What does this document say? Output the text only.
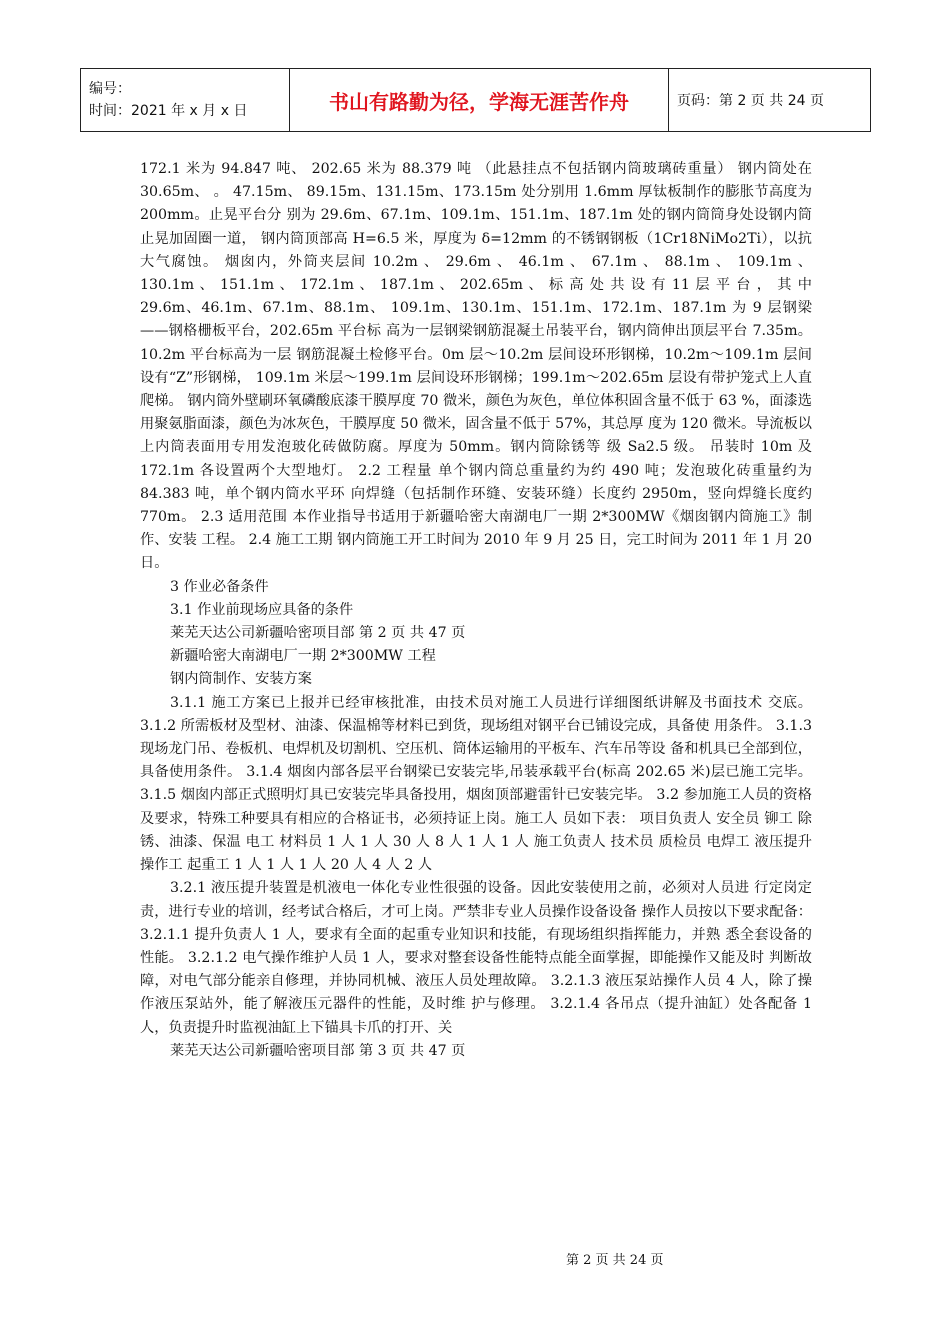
编号：
时间：2021 年 x 月 x 日	书山有路勤为径，学海无涯苦作舟	页码：第 2 页 共 24 页

172.1 米为 94.847 吨、 202.65 米为 88.379 吨 （此悬挂点不包括钢内筒玻璃砖重量） 钢内筒处在 30.65m、 。 47.15m、 89.15m、131.15m、173.15m 处分别用 1.6mm 厚钛板制作的膨胀节高度为 200mm。止晃平台分 别为 29.6m、67.1m、109.1m、151.1m、187.1m 处的钢内筒筒身处设钢内筒止晃加固圈一道， 钢内筒顶部高 H=6.5 米，厚度为 δ=12mm 的不锈钢钢板（1Cr18NiMo2Ti），以抗大气腐蚀。 烟囱内，外筒夹层间 10.2m 、 29.6m 、 46.1m 、 67.1m 、 88.1m 、 109.1m 、 130.1m 、 151.1m 、 172.1m 、 187.1m 、 202.65m 、 标 高 处 共 设 有 11 层 平 台 ， 其 中 29.6m、46.1m、67.1m、88.1m、 109.1m、130.1m、151.1m、172.1m、187.1m 为 9 层钢梁——钢格栅板平台，202.65m 平台标 高为一层钢梁钢筋混凝土吊装平台，钢内筒伸出顶层平台 7.35m。10.2m 平台标高为一层 钢筋混凝土检修平台。0m 层～10.2m 层间设环形钢梯，10.2m～109.1m 层间设有“Z”形钢梯， 109.1m 米层～199.1m 层间设环形钢梯；199.1m～202.65m 层设有带护笼式上人直爬梯。 钢内筒外壁刷环氧磷酸底漆干膜厚度 70 微米，颜色为灰色，单位体积固含量不低于 63 %，面漆选用聚氨脂面漆，颜色为冰灰色，干膜厚度 50 微米，固含量不低于 57%，其总厚 度为 120 微米。导流板以上内筒表面用专用发泡玻化砖做防腐。厚度为 50mm。钢内筒除锈等 级 Sa2.5 级。 吊装时 10m 及 172.1m 各设置两个大型地灯。 2.2 工程量 单个钢内筒总重量约为约 490 吨；发泡玻化砖重量约为 84.383 吨，单个钢内筒水平环 向焊缝（包括制作环缝、安装环缝）长度约 2950m，竖向焊缝长度约 770m。 2.3 适用范围 本作业指导书适用于新疆哈密大南湖电厂一期 2*300MW《烟囱钢内筒施工》制作、安装 工程。 2.4 施工工期 钢内筒施工开工时间为 2010 年 9 月 25 日，完工时间为 2011 年 1 月 20 日。

3 作业必备条件

3.1 作业前现场应具备的条件

莱芜天达公司新疆哈密项目部 第 2 页 共 47 页

新疆哈密大南湖电厂一期 2*300MW 工程

钢内筒制作、安装方案

3.1.1 施工方案已上报并已经审核批准，由技术员对施工人员进行详细图纸讲解及书面技术 交底。 3.1.2 所需板材及型材、油漆、保温棉等材料已到货，现场组对钢平台已铺设完成，具备使 用条件。 3.1.3 现场龙门吊、卷板机、电焊机及切割机、空压机、筒体运输用的平板车、汽车吊等设 备和机具已全部到位，具备使用条件。 3.1.4 烟囱内部各层平台钢梁已安装完毕,吊装承载平台(标高 202.65 米)层已施工完毕。 3.1.5 烟囱内部正式照明灯具已安装完毕具备投用，烟囱顶部避雷针已安装完毕。 3.2 参加施工人员的资格及要求，特殊工种要具有相应的合格证书，必须持证上岗。施工人 员如下表： 项目负责人 安全员 铆工 除锈、油漆、保温 电工 材料员 1 人 1 人 30 人 8 人 1 人 1 人 施工负责人 技术员 质检员 电焊工 液压提升操作工 起重工 1 人 1 人 1 人 20 人 4 人 2 人

3.2.1 液压提升装置是机液电一体化专业性很强的设备。因此安装使用之前，必须对人员进 行定岗定责，进行专业的培训，经考试合格后，才可上岗。严禁非专业人员操作设备设备 操作人员按以下要求配备： 3.2.1.1 提升负责人 1 人，要求有全面的起重专业知识和技能，有现场组织指挥能力，并熟 悉全套设备的性能。 3.2.1.2 电气操作维护人员 1 人，要求对整套设备性能特点能全面掌握，即能操作又能及时 判断故障，对电气部分能亲自修理，并协同机械、液压人员处理故障。 3.2.1.3 液压泵站操作人员 4 人，除了操作液压泵站外，能了解液压元器件的性能，及时维 护与修理。 3.2.1.4 各吊点（提升油缸）处各配备 1 人，负责提升时监视油缸上下锚具卡爪的打开、关

莱芜天达公司新疆哈密项目部 第 3 页 共 47 页

第 2 页 共 24 页
